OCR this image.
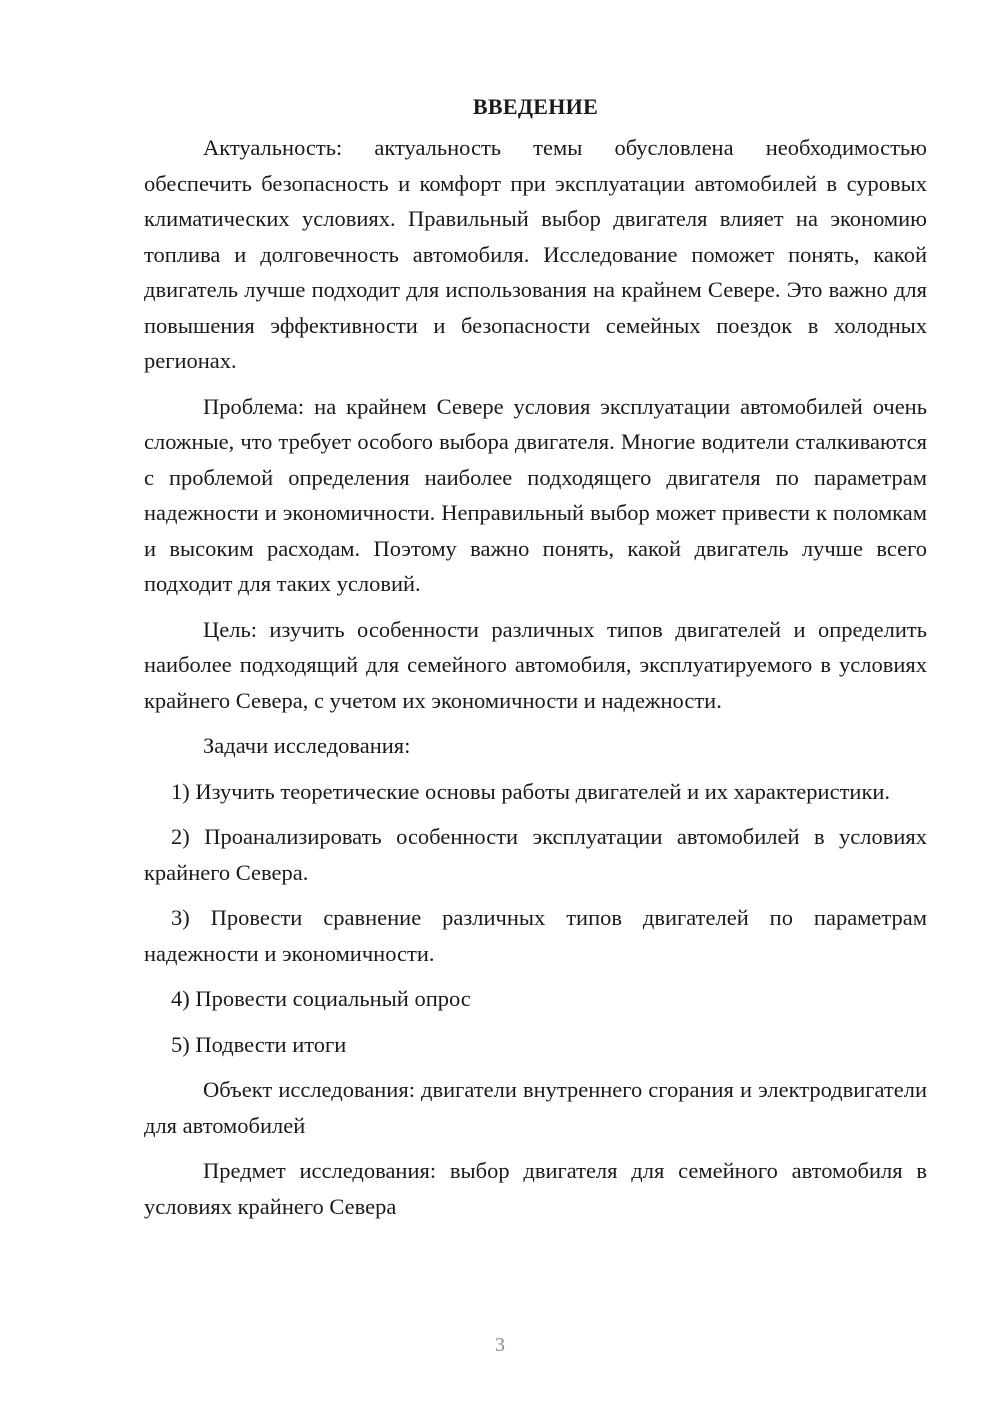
ВВЕДЕНИЕ

Актуальность: актуальность темы обусловлена необходимостью обеспечить безопасность и комфорт при эксплуатации автомобилей в суровых климатических условиях. Правильный выбор двигателя влияет на экономию топлива и долговечность автомобиля. Исследование поможет понять, какой двигатель лучше подходит для использования на крайнем Севере. Это важно для повышения эффективности и безопасности семейных поездок в холодных регионах.

Проблема: на крайнем Севере условия эксплуатации автомобилей очень сложные, что требует особого выбора двигателя. Многие водители сталкиваются с проблемой определения наиболее подходящего двигателя по параметрам надежности и экономичности. Неправильный выбор может привести к поломкам и высоким расходам. Поэтому важно понять, какой двигатель лучше всего подходит для таких условий.

Цель: изучить особенности различных типов двигателей и определить наиболее подходящий для семейного автомобиля, эксплуатируемого в условиях крайнего Севера, с учетом их экономичности и надежности.

Задачи исследования:

1) Изучить теоретические основы работы двигателей и их характеристики.

2) Проанализировать особенности эксплуатации автомобилей в условиях крайнего Севера.

3) Провести сравнение различных типов двигателей по параметрам надежности и экономичности.

4) Провести социальный опрос

5) Подвести итоги

Объект исследования: двигатели внутреннего сгорания и электродвигатели для автомобилей

Предмет исследования: выбор двигателя для семейного автомобиля в условиях крайнего Севера

3
